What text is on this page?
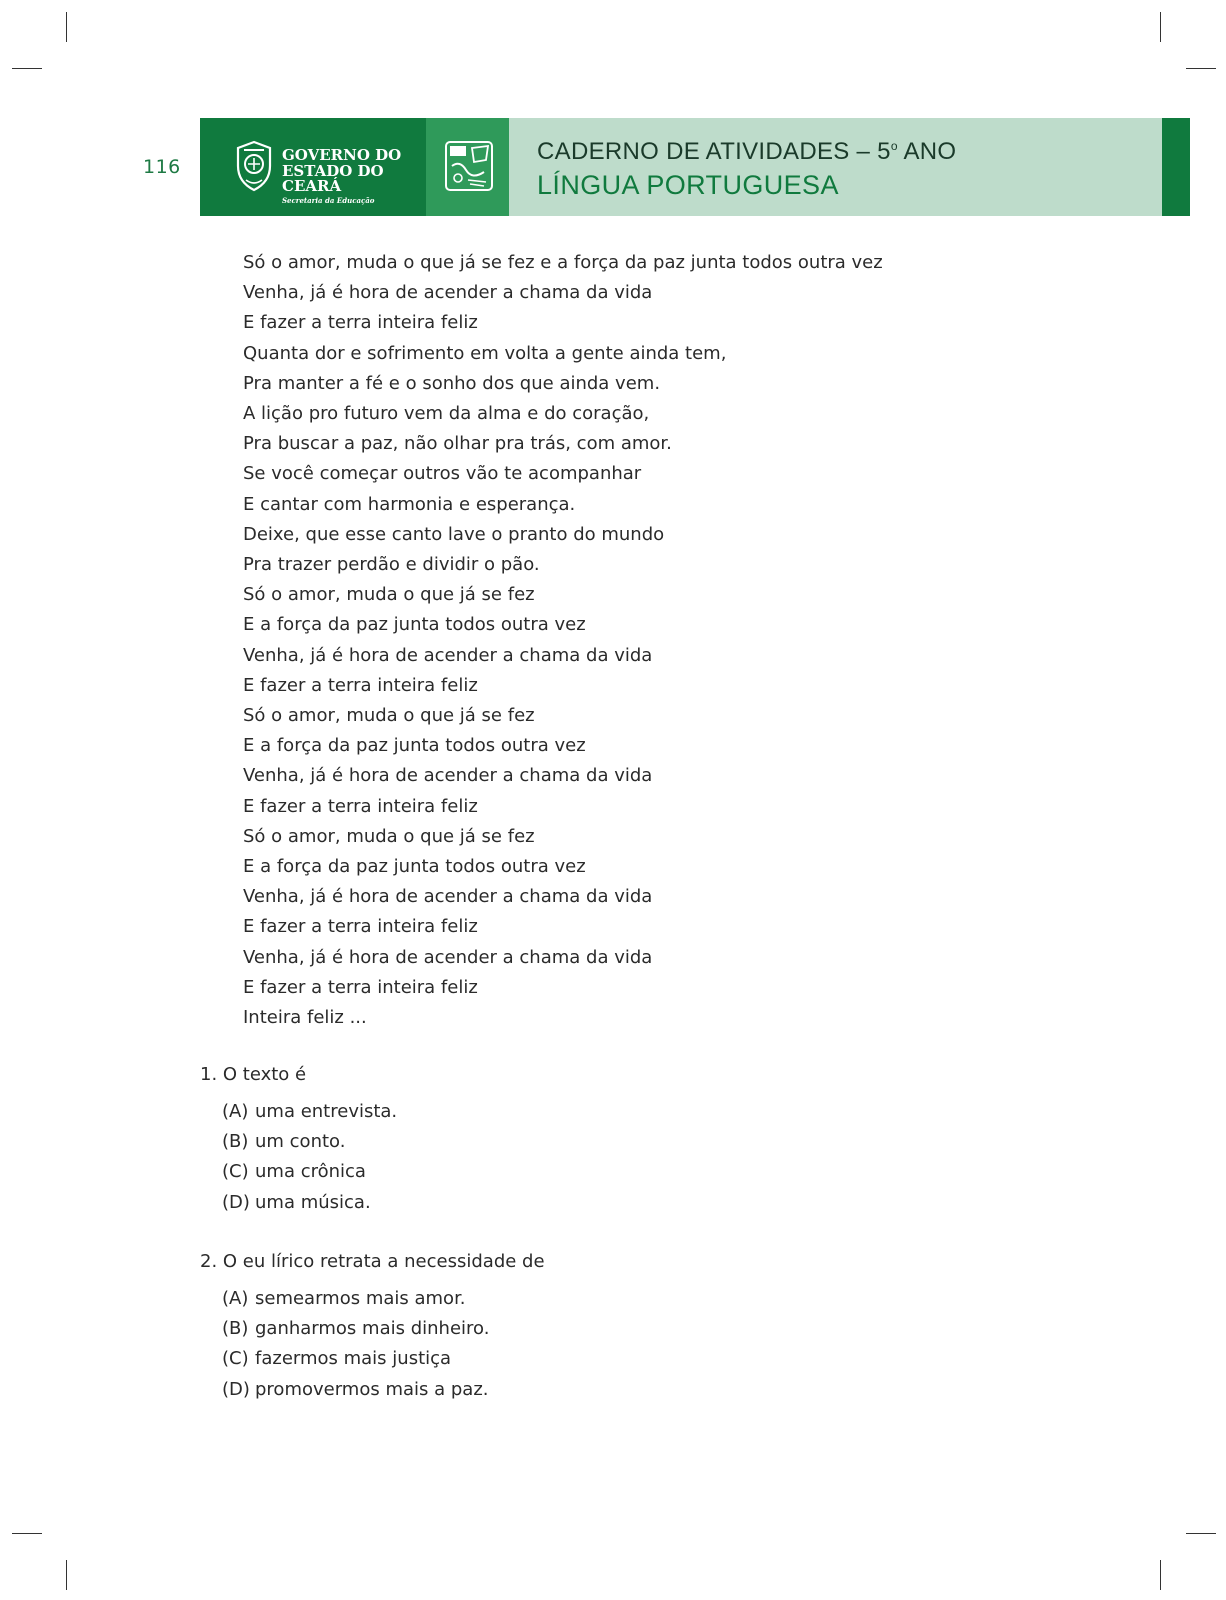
116
GOVERNO DO
ESTADO DO CEARÁ
Secretaria da Educação
CADERNO DE ATIVIDADES – 5$^o$ ANO
LÍNGUA PORTUGUESA
Só o amor, muda o que já se fez e a força da paz junta todos outra vez
Venha, já é hora de acender a chama da vida
E fazer a terra inteira feliz
Quanta dor e sofrimento em volta a gente ainda tem,
Pra manter a fé e o sonho dos que ainda vem.
A lição pro futuro vem da alma e do coração,
Pra buscar a paz, não olhar pra trás, com amor.
Se você começar outros vão te acompanhar
E cantar com harmonia e esperança.
Deixe, que esse canto lave o pranto do mundo
Pra trazer perdão e dividir o pão.
Só o amor, muda o que já se fez
E a força da paz junta todos outra vez
Venha, já é hora de acender a chama da vida
E fazer a terra inteira feliz
Só o amor, muda o que já se fez
E a força da paz junta todos outra vez
Venha, já é hora de acender a chama da vida
E fazer a terra inteira feliz
Só o amor, muda o que já se fez
E a força da paz junta todos outra vez
Venha, já é hora de acender a chama da vida
E fazer a terra inteira feliz
Venha, já é hora de acender a chama da vida
E fazer a terra inteira feliz
Inteira feliz ...
1. O texto é
(A) uma entrevista.
(B) um conto.
(C) uma crônica
(D) uma música.
2. O eu lírico retrata a necessidade de
(A) semearmos mais amor.
(B) ganharmos mais dinheiro.
(C) fazermos mais justiça
(D) promovermos mais a paz.
